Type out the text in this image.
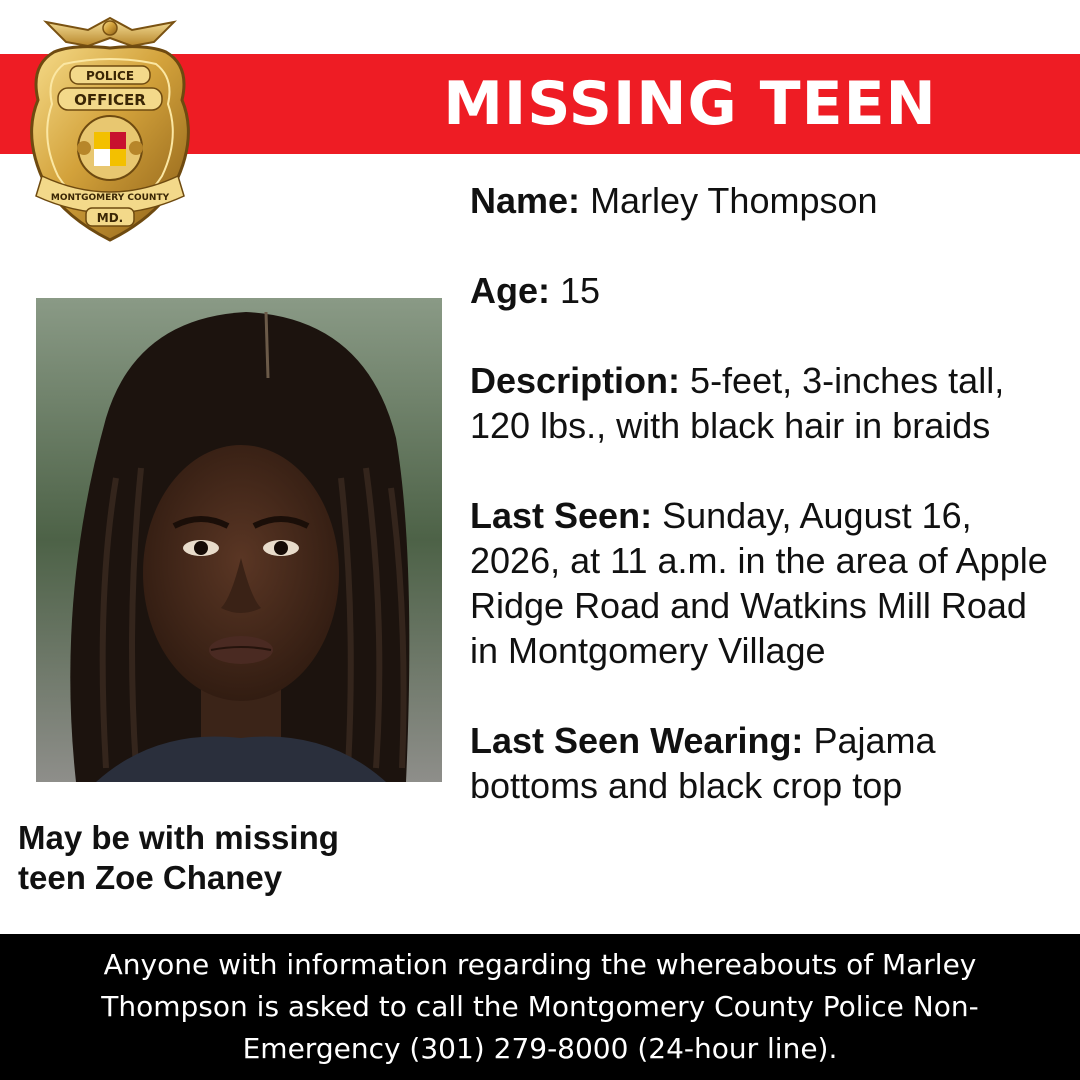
MISSING TEEN
POLICE
OFFICER
MONTGOMERY COUNTY
MD.
May be with missing teen Zoe Chaney
Name: Marley Thompson
Age: 15
Description: 5-feet, 3-inches tall, 120 lbs., with black hair in braids
Last Seen: Sunday, August 16, 2026, at 11 a.m. in the area of Apple Ridge Road and Watkins Mill Road in Montgomery Village
Last Seen Wearing: Pajama bottoms and black crop top
Anyone with information regarding the whereabouts of Marley Thompson is asked to call the Montgomery County Police Non-Emergency (301) 279-8000 (24-hour line).
